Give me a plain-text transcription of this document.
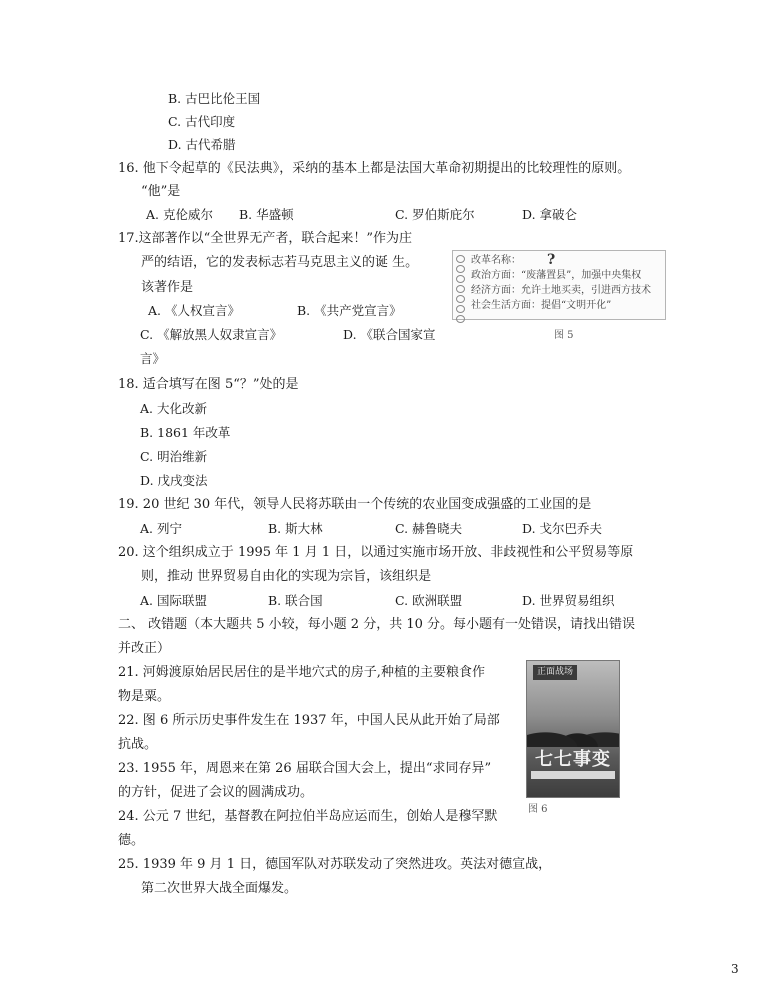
B. 古巴比伦王国
C. 古代印度
D. 古代希腊
16. 他下令起草的《民法典》，采纳的基本上都是法国大革命初期提出的比较理性的原则。
“他”是
A. 克伦威尔 B. 华盛顿	C. 罗伯斯庇尔	D. 拿破仑
17.这部著作以“全世界无产者，联合起来！”作为庄
严的结语，它的发表标志若马克思主义的诞 生。
该著作是
A. 《人权宣言》	B. 《共产党宣言》
C. 《解放黑人奴隶宣言》	D. 《联合国家宣
言》
改革名称： ?
政治方面：“废藩置县”，加强中央集权
经济方面：允许土地买卖，引进西方技术
社会生活方面：提倡“文明开化”
图 5
18. 适合填写在图 5“？”处的是
A. 大化改新
B. 1861 年改革
C. 明治维新
D. 戊戌变法
19. 20 世纪 30 年代，领导人民将苏联由一个传统的农业国变成强盛的工业国的是
A. 列宁	B. 斯大林	C. 赫鲁晓夫	D. 戈尔巴乔夫
20. 这个组织成立于 1995 年 1 月 1 日，以通过实施市场开放、非歧视性和公平贸易等原
则，推动 世界贸易自由化的实现为宗旨，该组织是
A. 国际联盟	B. 联合国	C. 欧洲联盟	D. 世界贸易组织
二、 改错题（本大题共 5 小较，每小题 2 分，共 10 分。每小题有一处错误，请找出错误
并改正）
21. 河姆渡原始居民居住的是半地穴式的房子,种植的主要粮食作
物是粟。
22. 图 6 所示历史事件发生在 1937 年，中国人民从此开始了局部
抗战。
23. 1955 年，周恩来在第 26 届联合国大会上，提出“求同存异”
的方针，促进了会议的圆满成功。
24. 公元 7 世纪，基督教在阿拉伯半岛应运而生，创始人是穆罕默
德。
25. 1939 年 9 月 1 日，德国军队对苏联发动了突然进攻。英法对德宣战，
第二次世界大战全面爆发。
正面战场
七七事变
图 6
3
